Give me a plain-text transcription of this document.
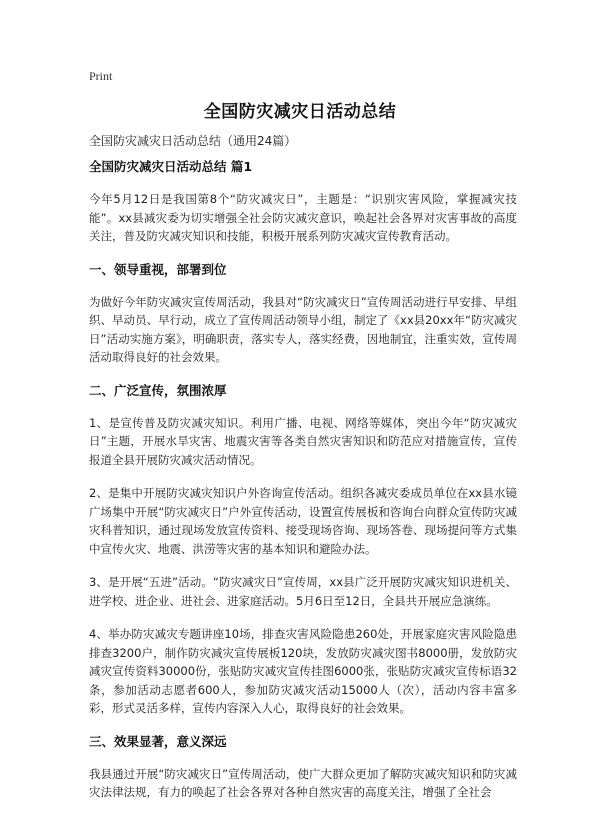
Print
全国防灾减灾日活动总结
全国防灾减灾日活动总结（通用24篇）
全国防灾减灾日活动总结 篇1

今年5月12日是我国第8个“防灾减灾日”，主题是：“识别灾害风险，掌握减灾技能”。xx县减灾委为切实增强全社会防灾减灾意识，唤起社会各界对灾害事故的高度关注，普及防灾减灾知识和技能，积极开展系列防灾减灾宣传教育活动。

一、领导重视，部署到位

为做好今年防灾减灾宣传周活动，我县对“防灾减灾日”宣传周活动进行早安排、早组织、早动员、早行动，成立了宣传周活动领导小组，制定了《xx县20xx年“防灾减灾日”活动实施方案》，明确职责，落实专人，落实经费，因地制宜，注重实效，宣传周活动取得良好的社会效果。

二、广泛宣传，氛围浓厚

1、是宣传普及防灾减灾知识。利用广播、电视、网络等媒体，突出今年“防灾减灾日”主题，开展水旱灾害、地震灾害等各类自然灾害知识和防范应对措施宣传，宣传报道全县开展防灾减灾活动情况。

2、是集中开展防灾减灾知识户外咨询宣传活动。组织各减灾委成员单位在xx县水镜广场集中开展“防灾减灾日”户外宣传活动，设置宣传展板和咨询台向群众宣传防灾减灾科普知识，通过现场发放宣传资料、接受现场咨询、现场答卷、现场提问等方式集中宣传火灾、地震、洪涝等灾害的基本知识和避险办法。

3、是开展“五进”活动。“防灾减灾日”宣传周，xx县广泛开展防灾减灾知识进机关、进学校、进企业、进社会、进家庭活动。5月6日至12日，全县共开展应急演练。

4、举办防灾减灾专题讲座10场，排查灾害风险隐患260处，开展家庭灾害风险隐患排查3200户，制作防灾减灾宣传展板120块，发放防灾减灾图书8000册，发放防灾减灾宣传资料30000份，张贴防灾减灾宣传挂图6000张，张贴防灾减灾宣传标语32条，参加活动志愿者600人，参加防灾减灾活动15000人（次），活动内容丰富多彩，形式灵活多样，宣传内容深入人心，取得良好的社会效果。

三、效果显著，意义深远

我县通过开展“防灾减灾日”宣传周活动，使广大群众更加了解防灾减灾知识和防灾减灾法律法规，有力的唤起了社会各界对各种自然灾害的高度关注，增强了全社会
